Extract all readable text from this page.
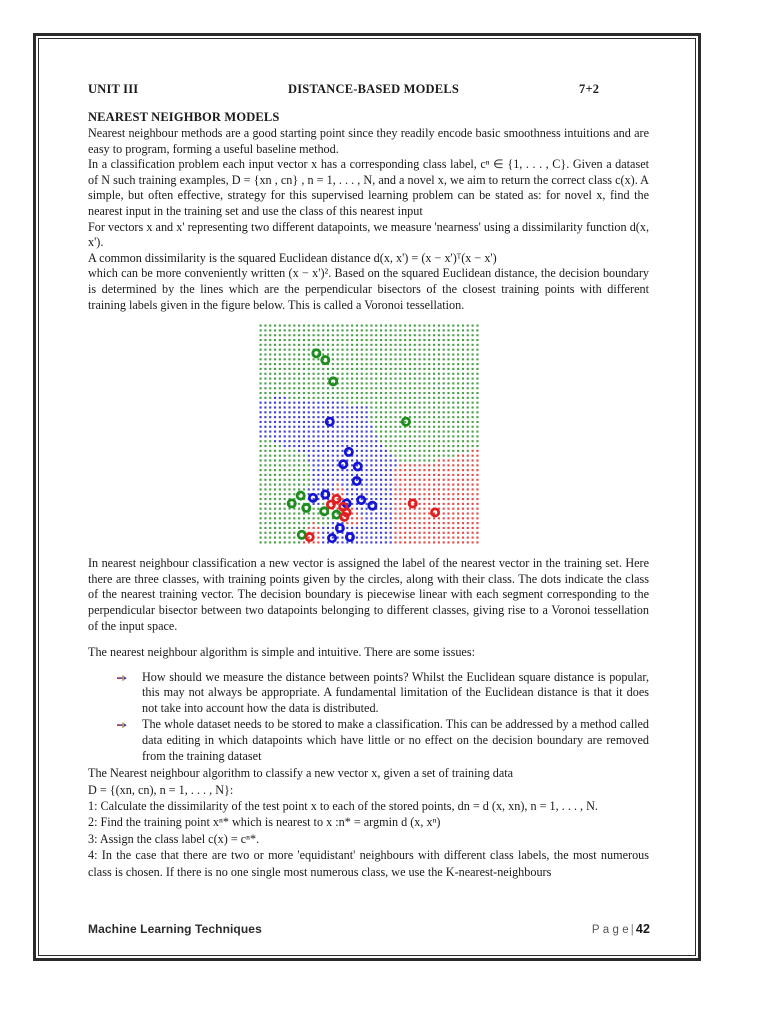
UNIT III	DISTANCE-BASED MODELS	7+2
NEAREST NEIGHBOR MODELS

Nearest neighbour methods are a good starting point since they readily encode basic smoothness intuitions and are easy to program, forming a useful baseline method.

In a classification problem each input vector x has a corresponding class label, cⁿ ∈ {1, . . . , C}. Given a dataset of N such training examples, D = {xn , cn} , n = 1, . . . , N, and a novel x, we aim to return the correct class c(x). A simple, but often effective, strategy for this supervised learning problem can be stated as: for novel x, find the nearest input in the training set and use the class of this nearest input

For vectors x and x' representing two different datapoints, we measure 'nearness' using a dissimilarity function d(x, x').

A common dissimilarity is the squared Euclidean distance d(x, x') = (x − x')ᵀ(x − x')

which can be more conveniently written (x − x')². Based on the squared Euclidean distance, the decision boundary is determined by the lines which are the perpendicular bisectors of the closest training points with different training labels given in the figure below. This is called a Voronoi tessellation.

In nearest neighbour classification a new vector is assigned the label of the nearest vector in the training set. Here there are three classes, with training points given by the circles, along with their class. The dots indicate the class of the nearest training vector. The decision boundary is piecewise linear with each segment corresponding to the perpendicular bisector between two datapoints belonging to different classes, giving rise to a Voronoi tessellation of the input space.

The nearest neighbour algorithm is simple and intuitive. There are some issues:

How should we measure the distance between points? Whilst the Euclidean square distance is popular, this may not always be appropriate. A fundamental limitation of the Euclidean distance is that it does not take into account how the data is distributed.
The whole dataset needs to be stored to make a classification. This can be addressed by a method called data editing in which datapoints which have little or no effect on the decision boundary are removed from the training dataset

The Nearest neighbour algorithm to classify a new vector x, given a set of training data

D = {(xn, cn), n = 1, . . . , N}:

1: Calculate the dissimilarity of the test point x to each of the stored points, dn = d (x, xn), n = 1, . . . , N.

2: Find the training point xⁿ* which is nearest to x :n* = argmin d (x, xⁿ)

3: Assign the class label c(x) = cⁿ*.

4: In the case that there are two or more 'equidistant' neighbours with different class labels, the most numerous class is chosen. If there is no one single most numerous class, we use the K-nearest-neighbours

Machine Learning Techniques	P a g e | 42
